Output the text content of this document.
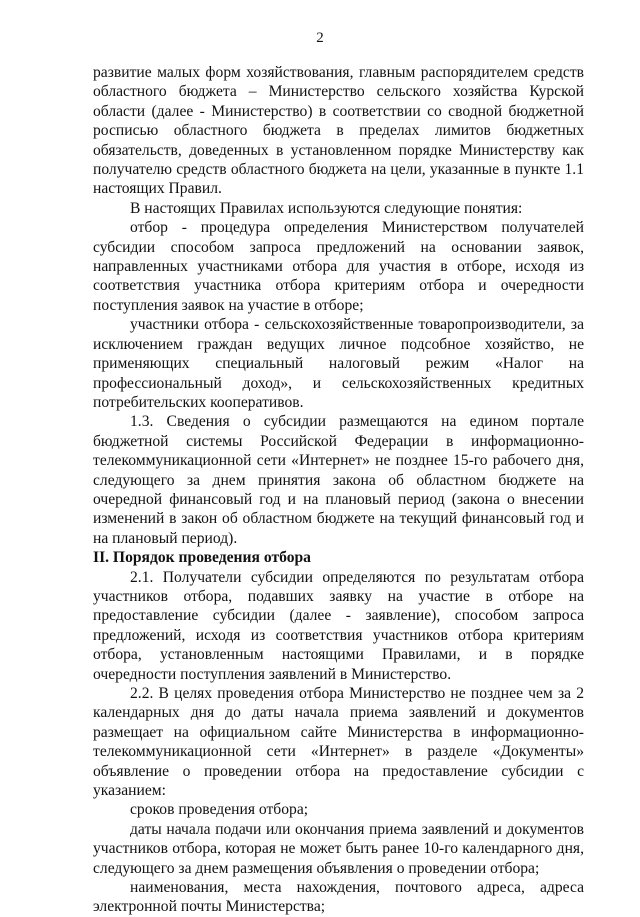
2

развитие малых форм хозяйствования, главным распорядителем средств областного бюджета – Министерство сельского хозяйства Курской области (далее - Министерство) в соответствии со сводной бюджетной росписью областного бюджета в пределах лимитов бюджетных обязательств, доведенных в установленном порядке Министерству как получателю средств областного бюджета на цели, указанные в пункте 1.1 настоящих Правил.

В настоящих Правилах используются следующие понятия:

отбор - процедура определения Министерством получателей субсидии способом запроса предложений на основании заявок, направленных участниками отбора для участия в отборе, исходя из соответствия участника отбора критериям отбора и очередности поступления заявок на участие в отборе;

участники отбора - сельскохозяйственные товаропроизводители, за исключением граждан ведущих личное подсобное хозяйство, не применяющих специальный налоговый режим «Налог на профессиональный доход», и сельскохозяйственных кредитных потребительских кооперативов.

1.3. Сведения о субсидии размещаются на едином портале бюджетной системы Российской Федерации в информационно-телекоммуникационной сети «Интернет» не позднее 15-го рабочего дня, следующего за днем принятия закона об областном бюджете на очередной финансовый год и на плановый период (закона о внесении изменений в закон об областном бюджете на текущий финансовый год и на плановый период).

II. Порядок проведения отбора

2.1. Получатели субсидии определяются по результатам отбора участников отбора, подавших заявку на участие в отборе на предоставление субсидии (далее - заявление), способом запроса предложений, исходя из соответствия участников отбора критериям отбора, установленным настоящими Правилами, и в порядке очередности поступления заявлений в Министерство.

2.2. В целях проведения отбора Министерство не позднее чем за 2 календарных дня до даты начала приема заявлений и документов размещает на официальном сайте Министерства в информационно-телекоммуникационной сети «Интернет» в разделе «Документы» объявление о проведении отбора на предоставление субсидии с указанием:

сроков проведения отбора;

даты начала подачи или окончания приема заявлений и документов участников отбора, которая не может быть ранее 10-го календарного дня, следующего за днем размещения объявления о проведении отбора;

наименования, места нахождения, почтового адреса, адреса электронной почты Министерства;
